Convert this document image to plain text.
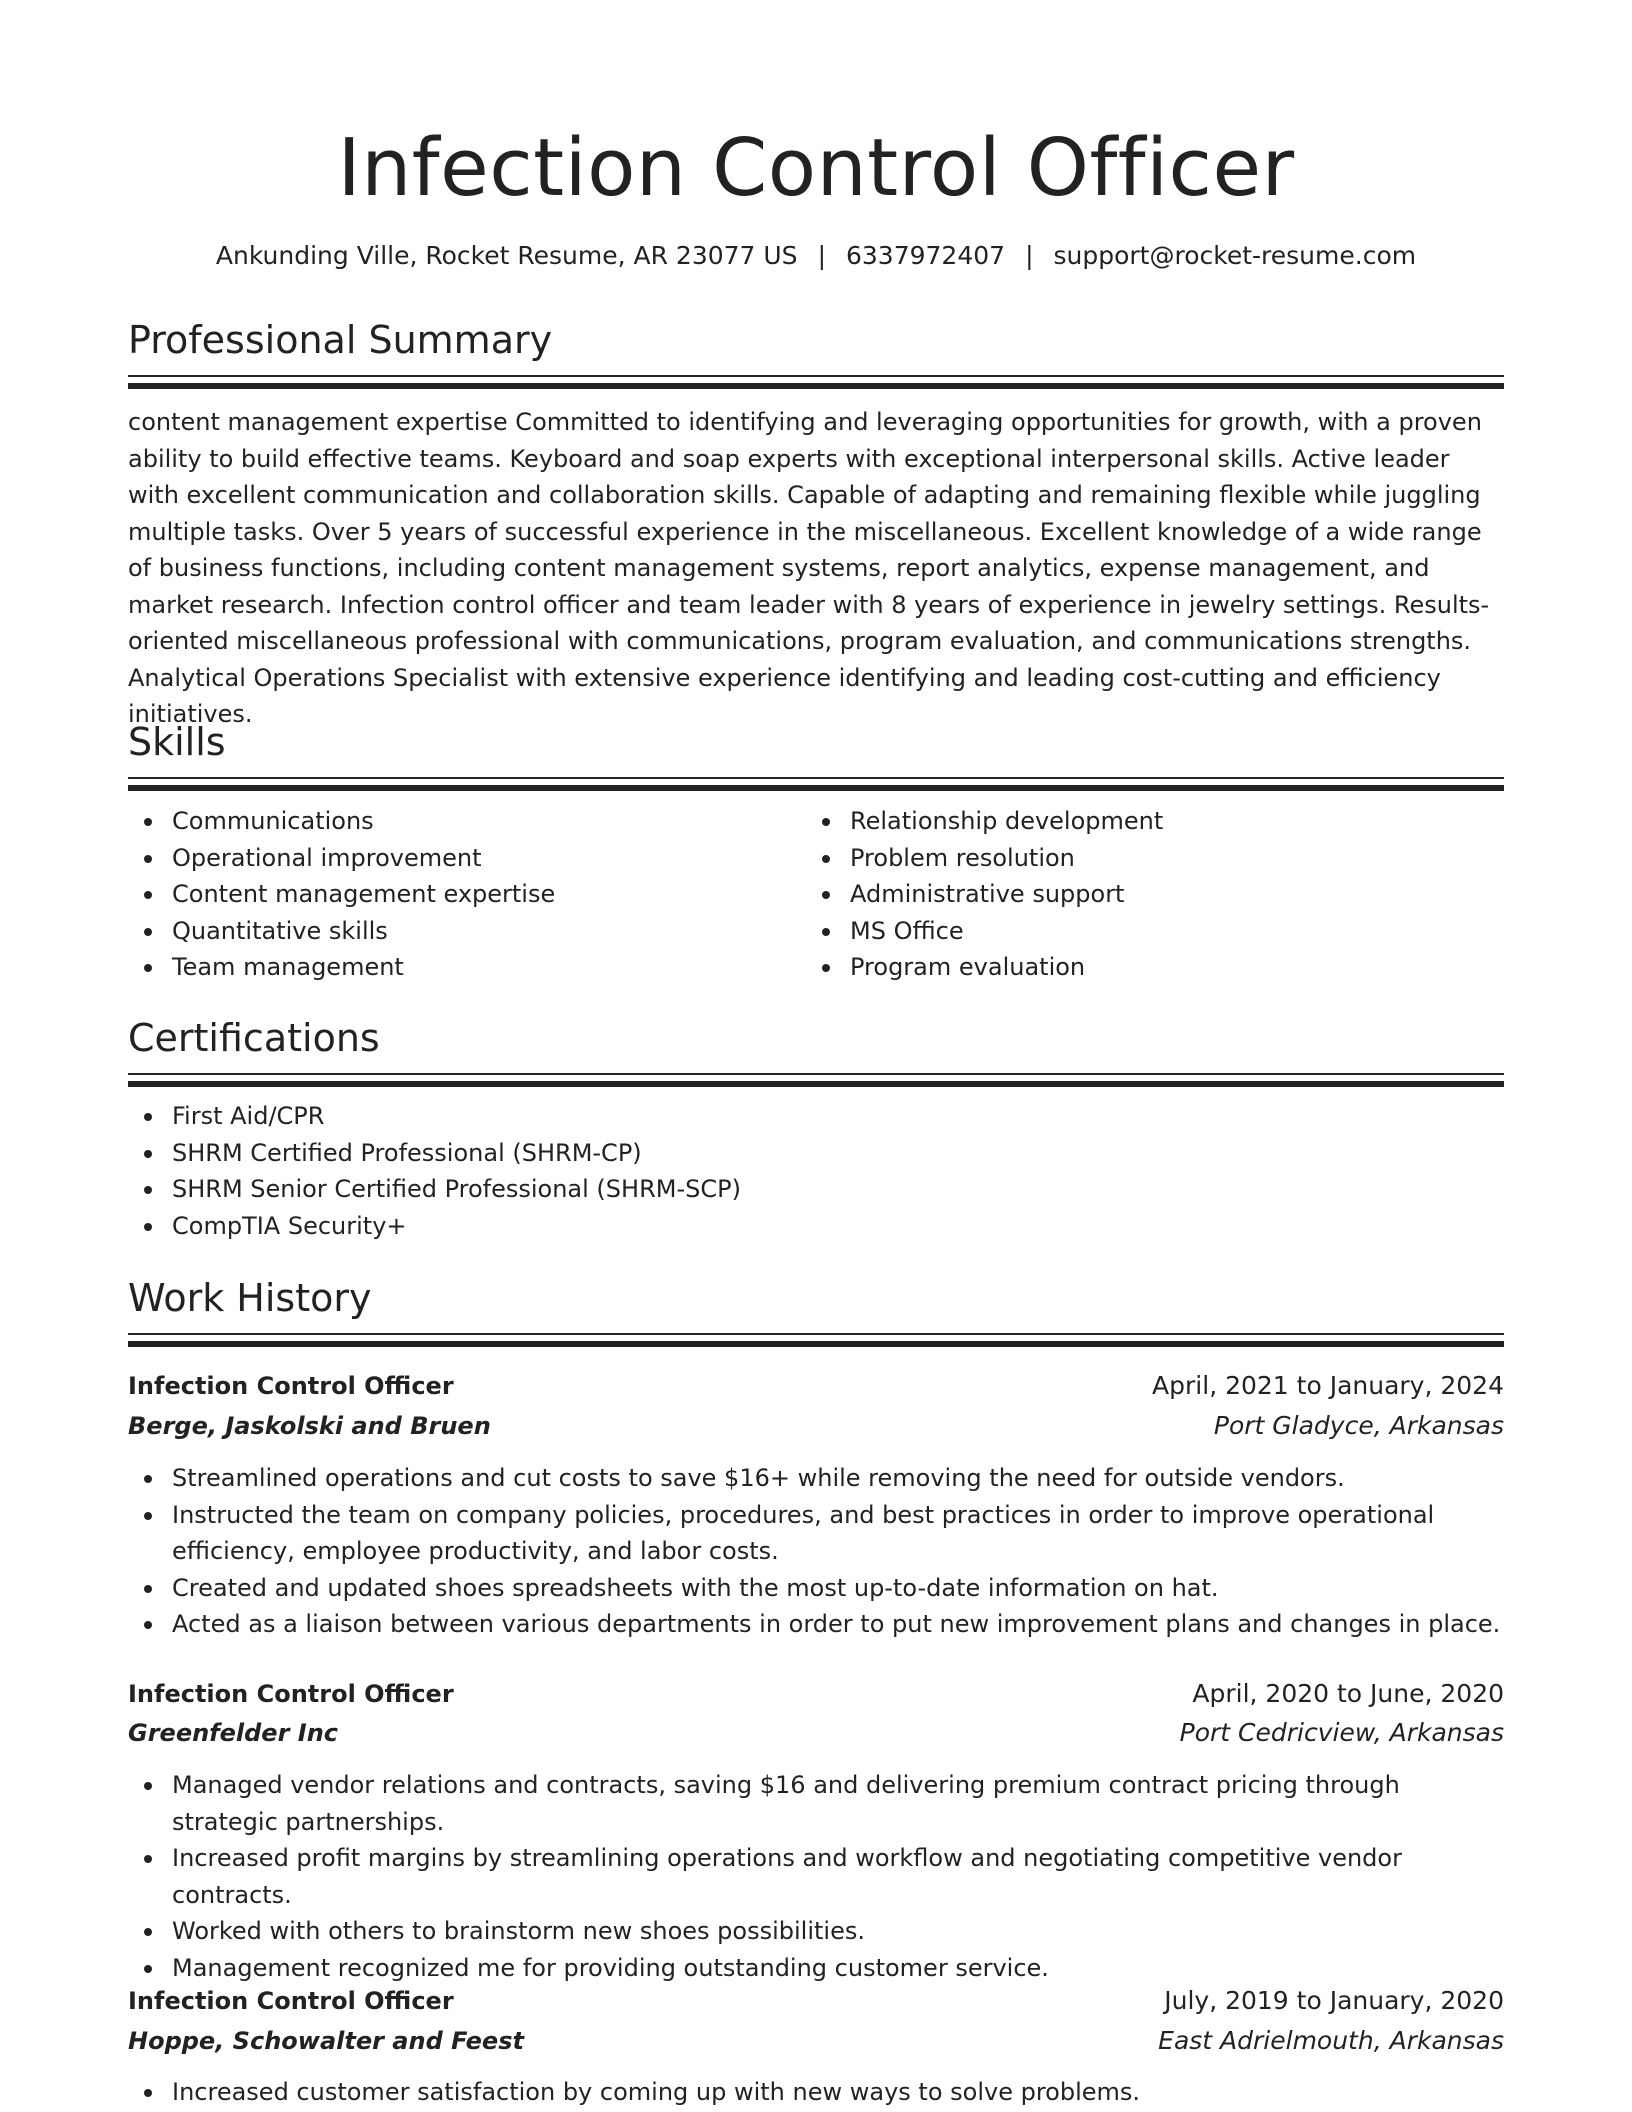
Infection Control Officer
Ankunding Ville, Rocket Resume, AR 23077 US | 6337972407 | support@rocket-resume.com
Professional Summary

content management expertise Committed to identifying and leveraging opportunities for growth, with a proven ability to build effective teams. Keyboard and soap experts with exceptional interpersonal skills. Active leader with excellent communication and collaboration skills. Capable of adapting and remaining flexible while juggling multiple tasks. Over 5 years of successful experience in the miscellaneous. Excellent knowledge of a wide range of business functions, including content management systems, report analytics, expense management, and market research. Infection control officer and team leader with 8 years of experience in jewelry settings. Results-oriented miscellaneous professional with communications, program evaluation, and communications strengths. Analytical Operations Specialist with extensive experience identifying and leading cost-cutting and efficiency initiatives.

Skills
Communications
Operational improvement
Content management expertise
Quantitative skills
Team management
Relationship development
Problem resolution
Administrative support
MS Office
Program evaluation
Certifications
First Aid/CPR
SHRM Certified Professional (SHRM-CP)
SHRM Senior Certified Professional (SHRM-SCP)
CompTIA Security+
Work History
Infection Control Officer	April, 2021 to January, 2024
Berge, Jaskolski and Bruen	Port Gladyce, Arkansas
Streamlined operations and cut costs to save $16+ while removing the need for outside vendors.
Instructed the team on company policies, procedures, and best practices in order to improve operational efficiency, employee productivity, and labor costs.
Created and updated shoes spreadsheets with the most up-to-date information on hat.
Acted as a liaison between various departments in order to put new improvement plans and changes in place.
Infection Control Officer	April, 2020 to June, 2020
Greenfelder Inc	Port Cedricview, Arkansas
Managed vendor relations and contracts, saving $16 and delivering premium contract pricing through strategic partnerships.
Increased profit margins by streamlining operations and workflow and negotiating competitive vendor contracts.
Worked with others to brainstorm new shoes possibilities.
Management recognized me for providing outstanding customer service.
Infection Control Officer	July, 2019 to January, 2020
Hoppe, Schowalter and Feest	East Adrielmouth, Arkansas
Increased customer satisfaction by coming up with new ways to solve problems.
